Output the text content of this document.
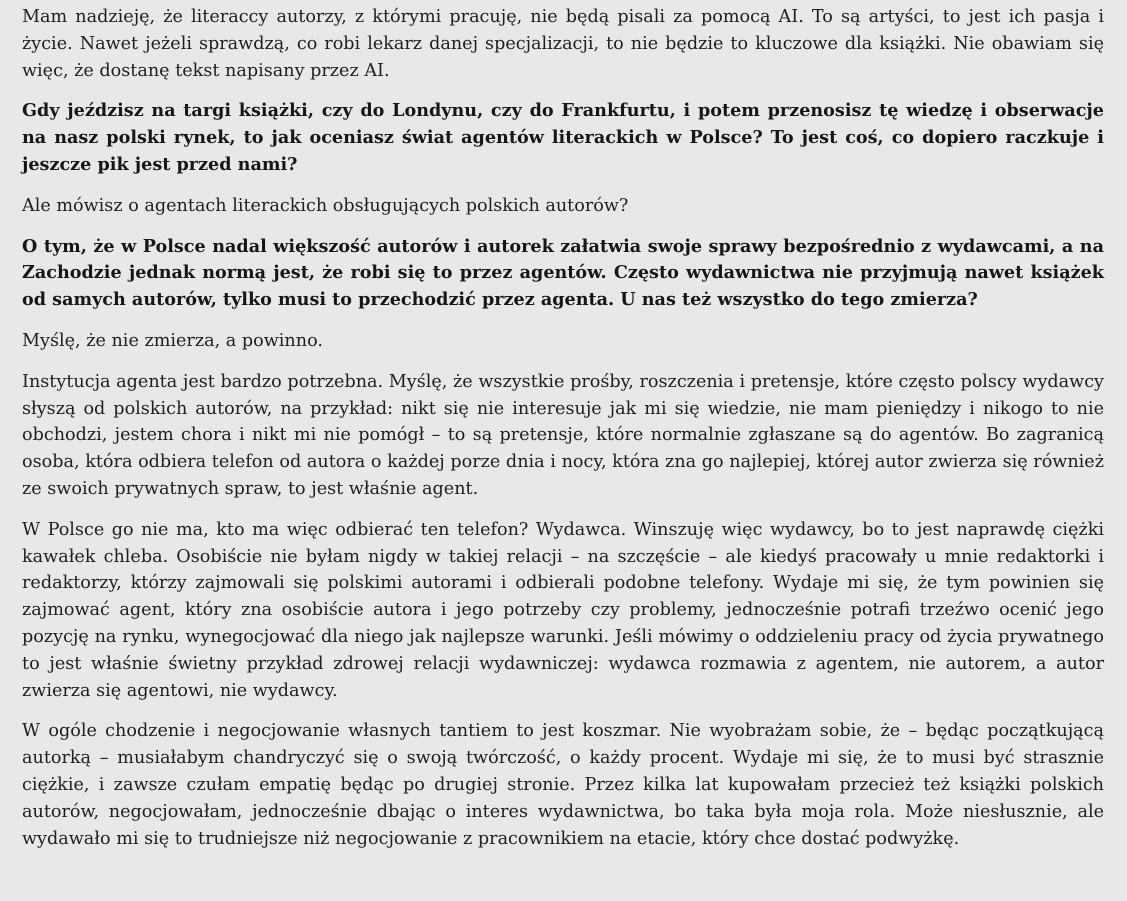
Mam nadzieję, że literaccy autorzy, z którymi pracuję, nie będą pisali za pomocą AI. To są artyści, to jest ich pasja i życie. Nawet jeżeli sprawdzą, co robi lekarz danej specjalizacji, to nie będzie to kluczowe dla książki. Nie obawiam się więc, że dostanę tekst napisany przez AI.

Gdy jeździsz na targi książki, czy do Londynu, czy do Frankfurtu, i potem przenosisz tę wiedzę i obserwacje na nasz polski rynek, to jak oceniasz świat agentów literackich w Polsce? To jest coś, co dopiero raczkuje i jeszcze pik jest przed nami?

Ale mówisz o agentach literackich obsługujących polskich autorów?

O tym, że w Polsce nadal większość autorów i autorek załatwia swoje sprawy bezpośrednio z wydawcami, a na Zachodzie jednak normą jest, że robi się to przez agentów. Często wydawnictwa nie przyjmują nawet książek od samych autorów, tylko musi to przechodzić przez agenta. U nas też wszystko do tego zmierza?

Myślę, że nie zmierza, a powinno.

Instytucja agenta jest bardzo potrzebna. Myślę, że wszystkie prośby, roszczenia i pretensje, które często polscy wydawcy słyszą od polskich autorów, na przykład: nikt się nie interesuje jak mi się wiedzie, nie mam pieniędzy i nikogo to nie obchodzi, jestem chora i nikt mi nie pomógł – to są pretensje, które normalnie zgłaszane są do agentów. Bo zagranicą osoba, która odbiera telefon od autora o każdej porze dnia i nocy, która zna go najlepiej, której autor zwierza się również ze swoich prywatnych spraw, to jest właśnie agent.

W Polsce go nie ma, kto ma więc odbierać ten telefon? Wydawca. Winszuję więc wydawcy, bo to jest naprawdę ciężki kawałek chleba. Osobiście nie byłam nigdy w takiej relacji – na szczęście – ale kiedyś pracowały u mnie redaktorki i redaktorzy, którzy zajmowali się polskimi autorami i odbierali podobne telefony. Wydaje mi się, że tym powinien się zajmować agent, który zna osobiście autora i jego potrzeby czy problemy, jednocześnie potrafi trzeźwo ocenić jego pozycję na rynku, wynegocjować dla niego jak najlepsze warunki. Jeśli mówimy o oddzieleniu pracy od życia prywatnego to jest właśnie świetny przykład zdrowej relacji wydawniczej: wydawca rozmawia z agentem, nie autorem, a autor zwierza się agentowi, nie wydawcy.

W ogóle chodzenie i negocjowanie własnych tantiem to jest koszmar. Nie wyobrażam sobie, że – będąc początkującą autorką – musiałabym chandryczyć się o swoją twórczość, o każdy procent. Wydaje mi się, że to musi być strasznie ciężkie, i zawsze czułam empatię będąc po drugiej stronie. Przez kilka lat kupowałam przecież też książki polskich autorów, negocjowałam, jednocześnie dbając o interes wydawnictwa, bo taka była moja rola. Może niesłusznie, ale wydawało mi się to trudniejsze niż negocjowanie z pracownikiem na etacie, który chce dostać podwyżkę.
